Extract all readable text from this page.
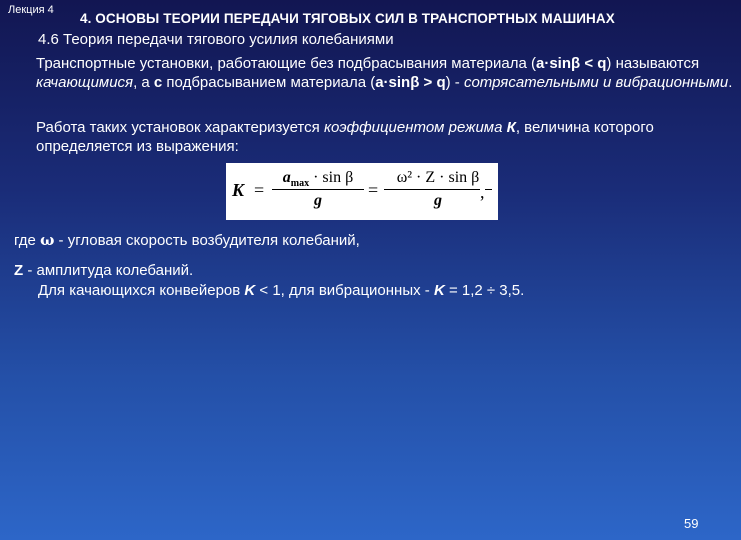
Лекция 4
4. ОСНОВЫ ТЕОРИИ ПЕРЕДАЧИ ТЯГОВЫХ СИЛ В ТРАНСПОРТНЫХ МАШИНАХ
4.6 Теория передачи тягового усилия колебаниями

Транспортные установки, работающие без подбрасывания материала (a·sinβ < q) называются качающимися, а с подбрасыванием материала (a·sinβ > q) - сотрясательными и вибрационными.

Работа таких установок характеризуется коэффициентом режима К, величина которого определяется из выражения:

K =
$a_{max} \cdot \sin \beta$
g
=
ω² · Z · sin β
g	,
где ω - угловая скорость возбудителя колебаний,
Z - амплитуда колебаний.
Для качающихся конвейеров K < 1, для вибрационных - K = 1,2 ÷ 3,5.
59
